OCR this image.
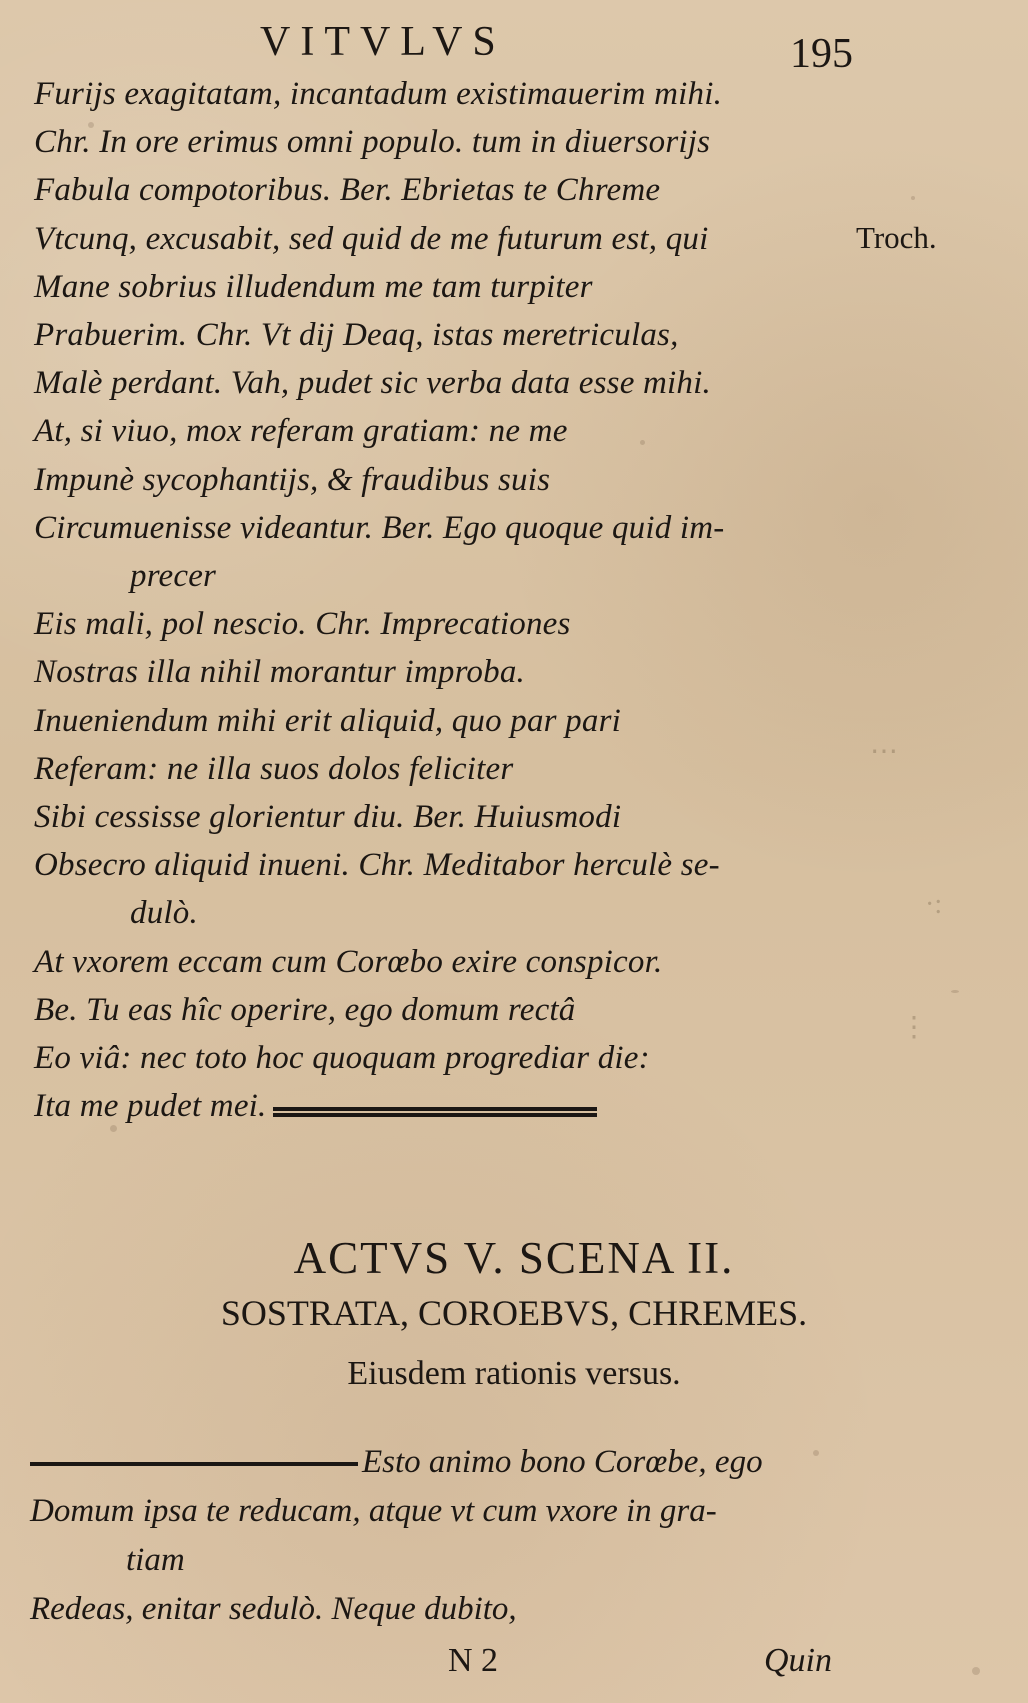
⋯
·:
⋮
VITVLVS	195
Troch.
Furijs exagitatam, incantadum existimauerim mihi.
Chr. In ore erimus omni populo. tum in diuersorijs
Fabula compotoribus. Ber. Ebrietas te Chreme
Vtcunq, excusabit, sed quid de me futurum est, qui
Mane sobrius illudendum me tam turpiter
Prabuerim. Chr. Vt dij Deaq, istas meretriculas,
Malè perdant. Vah, pudet sic verba data esse mihi.
At, si viuo, mox referam gratiam: ne me
Impunè sycophantijs, & fraudibus suis
Circumuenisse videantur. Ber. Ego quoque quid im-
precer
Eis mali, pol nescio. Chr. Imprecationes
Nostras illa nihil morantur improba.
Inueniendum mihi erit aliquid, quo par pari
Referam: ne illa suos dolos feliciter
Sibi cessisse glorientur diu. Ber. Huiusmodi
Obsecro aliquid inueni. Chr. Meditabor herculè se-
dulò.
At vxorem eccam cum Corœbo exire conspicor.
Be. Tu eas hîc operire, ego domum rectâ
Eo viâ: nec toto hoc quoquam progrediar die:
Ita me pudet mei.
ACTVS V. SCENA II.
SOSTRATA, COROEBVS, CHREMES.
Eiusdem rationis versus.
Esto animo bono Corœbe, ego
Domum ipsa te reducam, atque vt cum vxore in gra-
tiam
Redeas, enitar sedulò. Neque dubito,
N 2	Quin
